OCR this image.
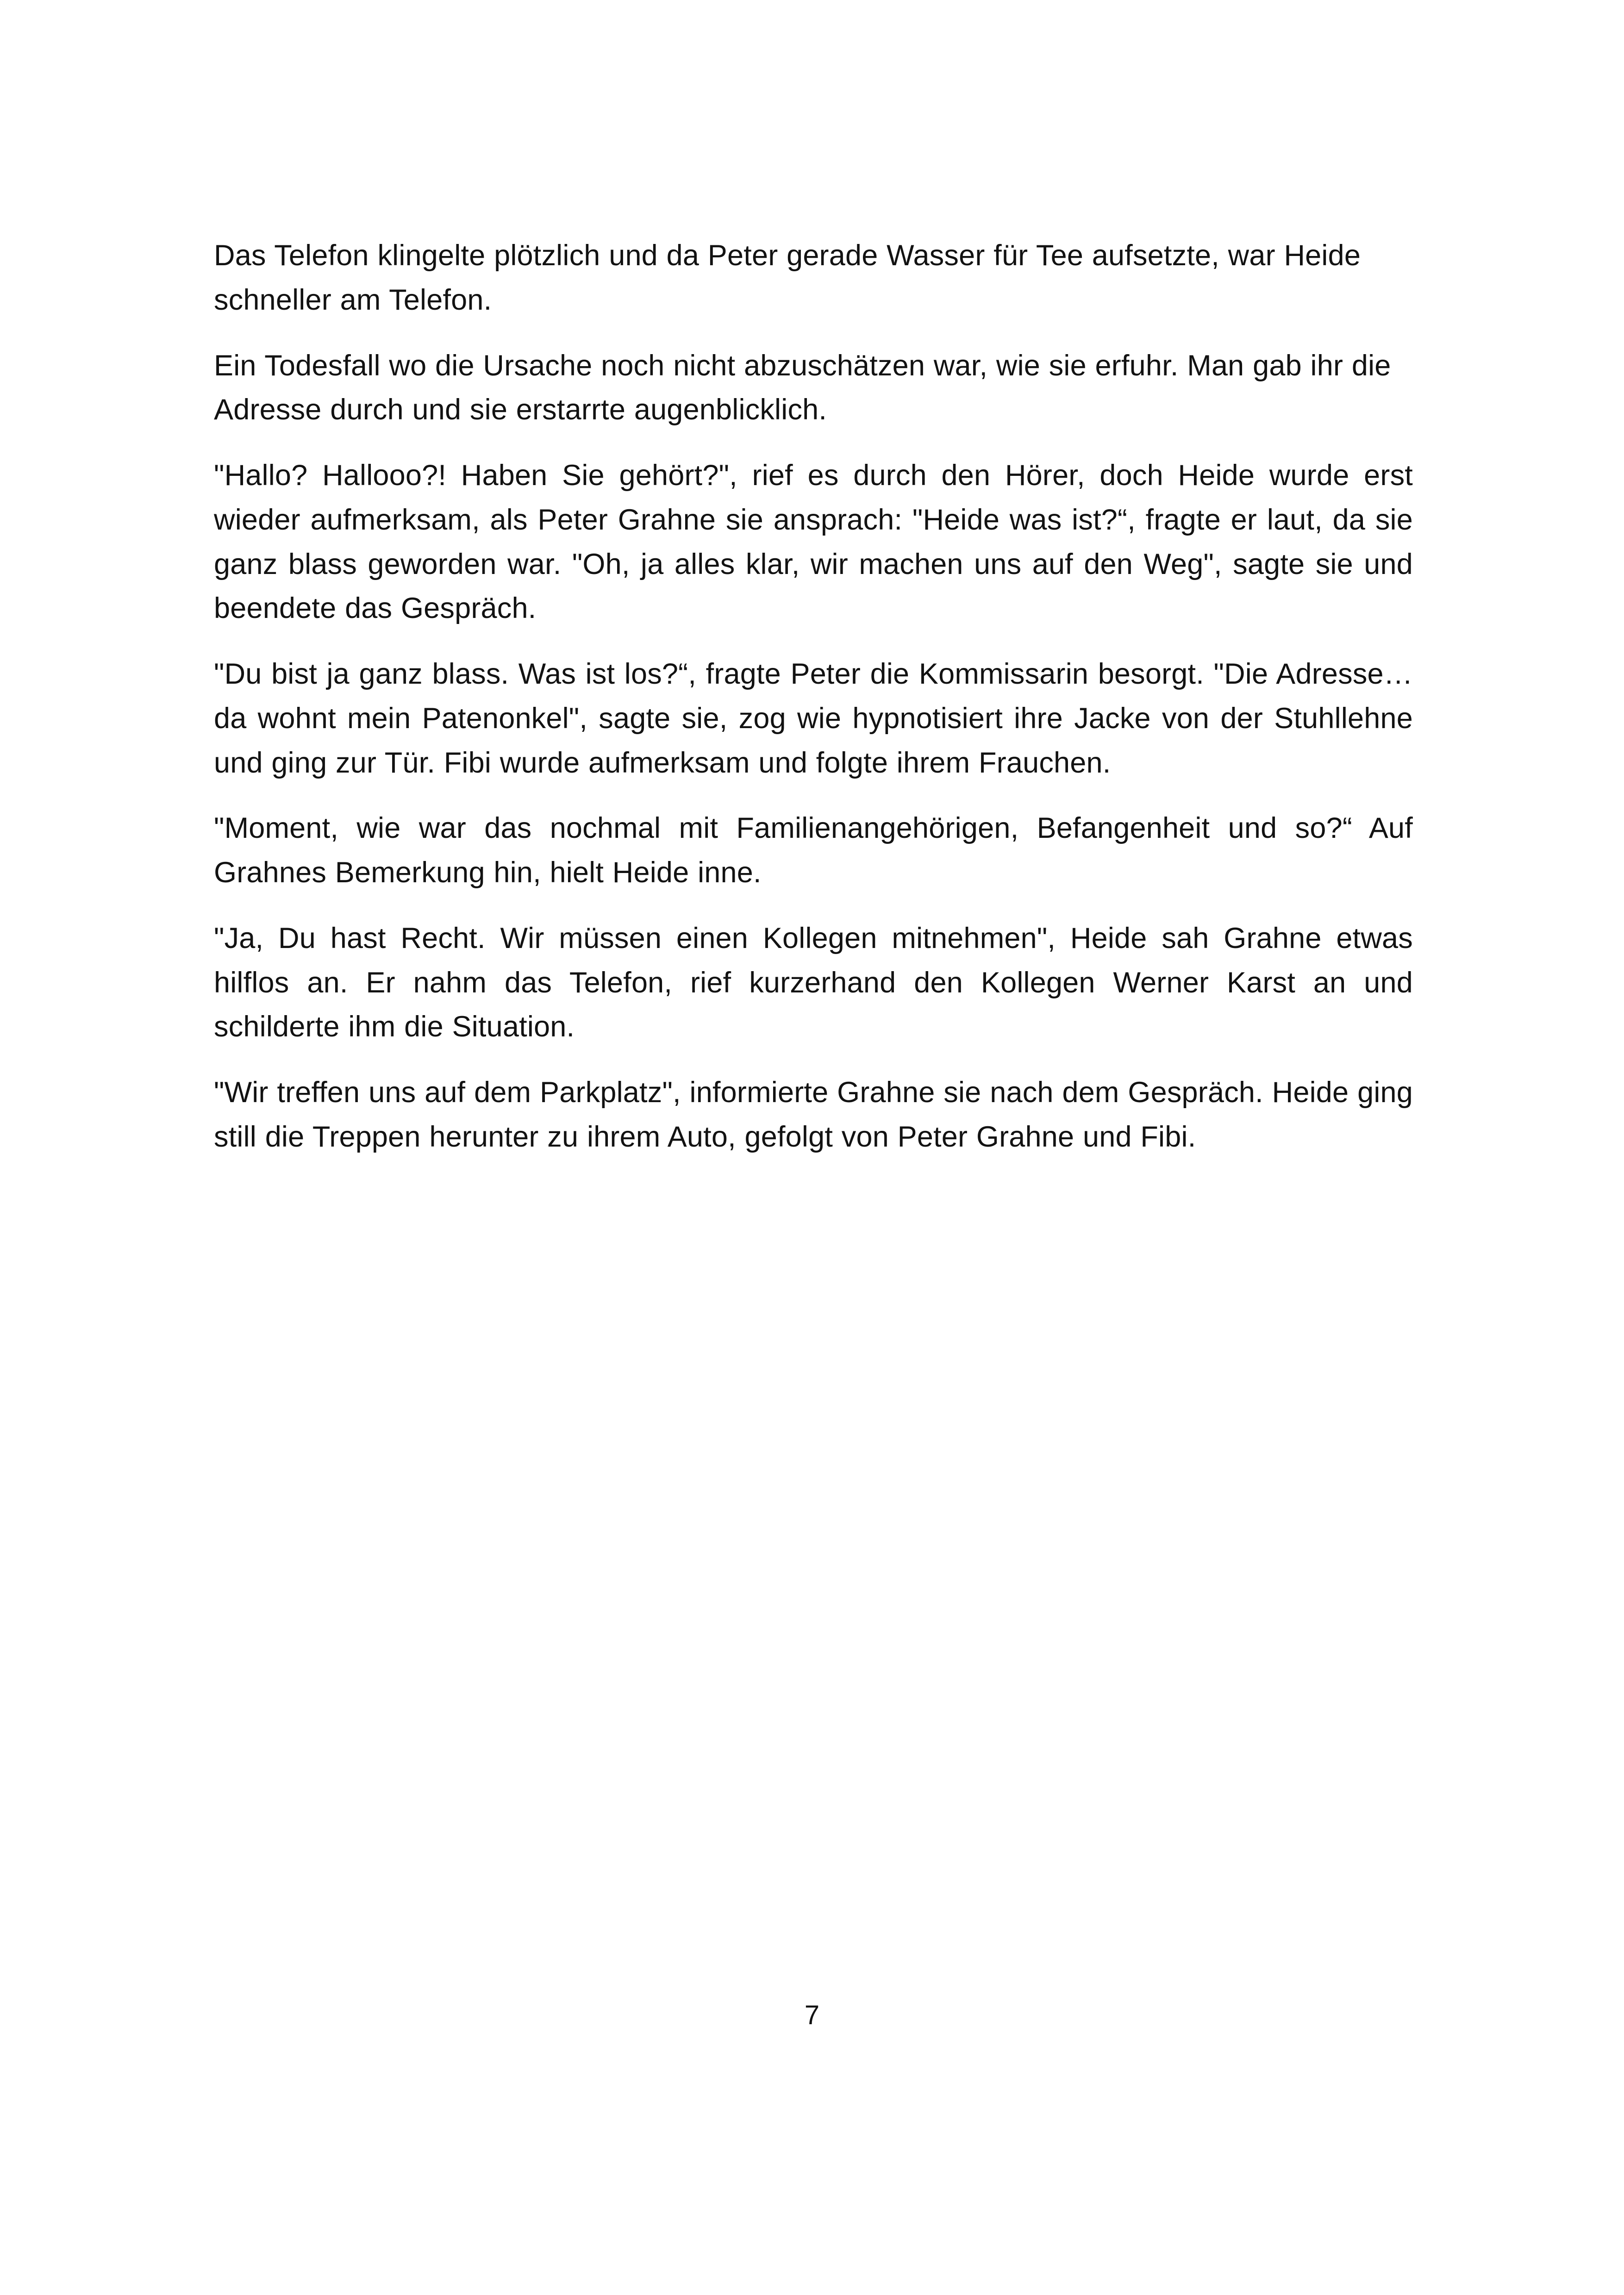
Das Telefon klingelte plötzlich und da Peter gerade Wasser für Tee aufsetzte, war Heide schneller am Telefon.

Ein Todesfall wo die Ursache noch nicht abzuschätzen war, wie sie erfuhr. Man gab ihr die Adresse durch und sie erstarrte augenblicklich.

"Hallo? Hallooo?! Haben Sie gehört?", rief es durch den Hörer, doch Heide wurde erst wieder aufmerksam, als Peter Grahne sie ansprach: "Heide was ist?“, fragte er laut, da sie ganz blass geworden war. "Oh, ja alles klar, wir machen uns auf den Weg", sagte sie und beendete das Gespräch.

"Du bist ja ganz blass. Was ist los?“, fragte Peter die Kommissarin besorgt. "Die Adresse… da wohnt mein Patenonkel", sagte sie, zog wie hypnotisiert ihre Jacke von der Stuhllehne und ging zur Tür. Fibi wurde aufmerksam und folgte ihrem Frauchen.

"Moment, wie war das nochmal mit Familienangehörigen, Befangenheit und so?“ Auf Grahnes Bemerkung hin, hielt Heide inne.

"Ja, Du hast Recht. Wir müssen einen Kollegen mitnehmen", Heide sah Grahne etwas hilflos an. Er nahm das Telefon, rief kurzerhand den Kollegen Werner Karst an und schilderte ihm die Situation.

"Wir treffen uns auf dem Parkplatz", informierte Grahne sie nach dem Gespräch. Heide ging still die Treppen herunter zu ihrem Auto, gefolgt von Peter Grahne und Fibi.

7
